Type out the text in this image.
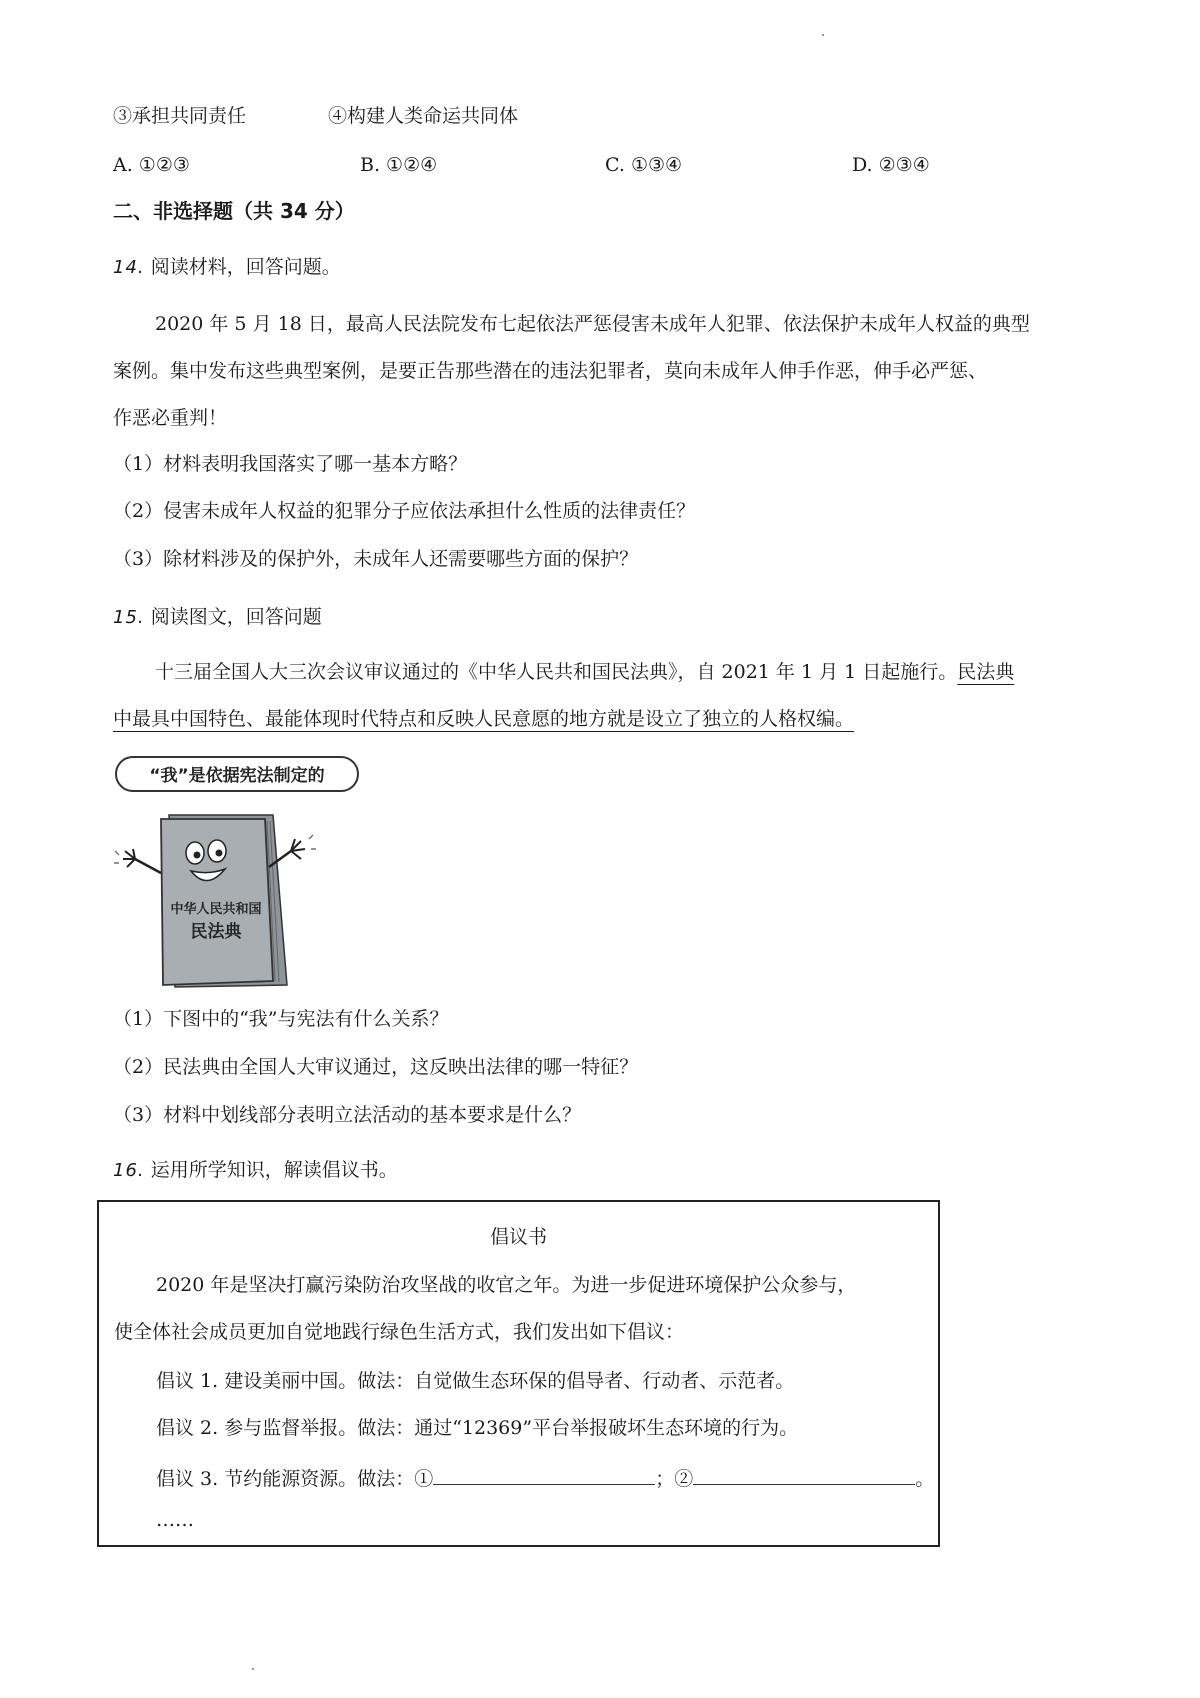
③承担共同责任	④构建人类命运共同体
A. ①②③	B. ①②④	C. ①③④	D. ②③④
二、非选择题（共 34 分）
14. 阅读材料，回答问题。
2020 年 5 月 18 日，最高人民法院发布七起依法严惩侵害未成年人犯罪、依法保护未成年人权益的典型
案例。集中发布这些典型案例，是要正告那些潜在的违法犯罪者，莫向未成年人伸手作恶，伸手必严惩、
作恶必重判！
（1）材料表明我国落实了哪一基本方略？
（2）侵害未成年人权益的犯罪分子应依法承担什么性质的法律责任？
（3）除材料涉及的保护外，未成年人还需要哪些方面的保护？
15. 阅读图文，回答问题
十三届全国人大三次会议审议通过的《中华人民共和国民法典》，自 2021 年 1 月 1 日起施行。民法典
中最具中国特色、最能体现时代特点和反映人民意愿的地方就是设立了独立的人格权编。
“我”是依据宪法制定的
中华人民共和国
民法典
（1）下图中的“我”与宪法有什么关系？
（2）民法典由全国人大审议通过，这反映出法律的哪一特征？
（3）材料中划线部分表明立法活动的基本要求是什么？
16. 运用所学知识，解读倡议书。
倡议书
2020 年是坚决打赢污染防治攻坚战的收官之年。为进一步促进环境保护公众参与，
使全体社会成员更加自觉地践行绿色生活方式，我们发出如下倡议：
倡议 1. 建设美丽中国。做法：自觉做生态环保的倡导者、行动者、示范者。
倡议 2. 参与监督举报。做法：通过“12369”平台举报破坏生态环境的行为。
倡议 3. 节约能源资源。做法：①	；②	。
……
